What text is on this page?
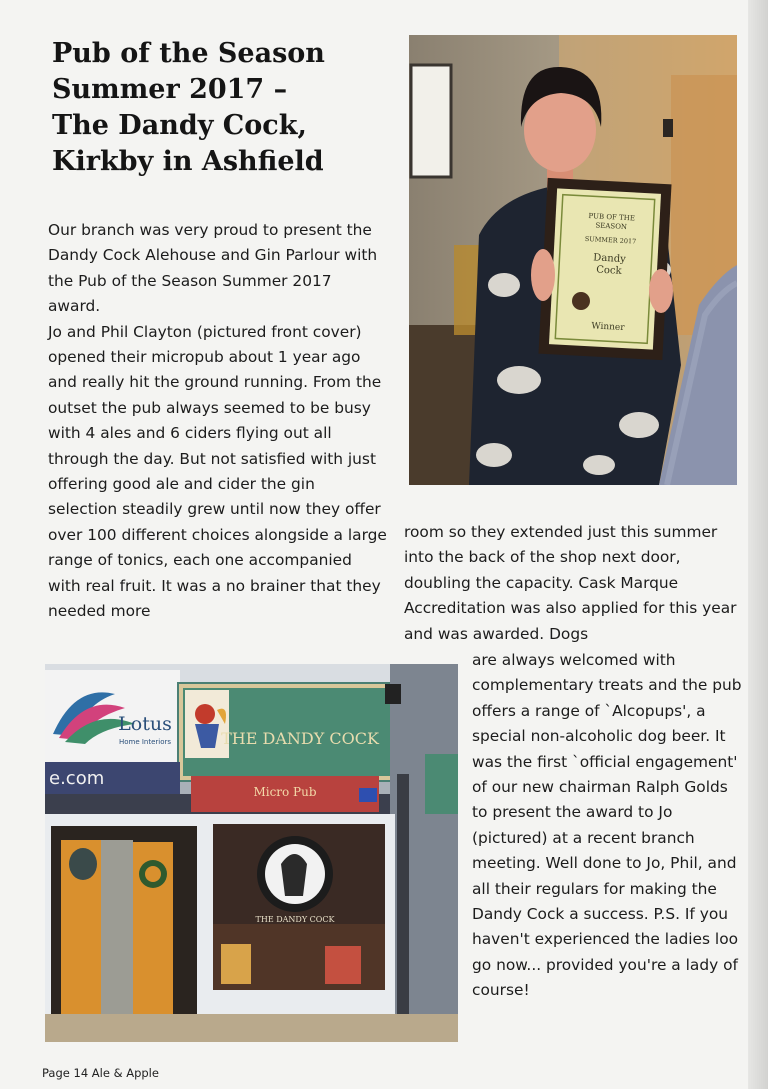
Pub of the Season
Summer 2017 –
The Dandy Cock,
Kirkby in Ashfield

Our branch was very proud to present the Dandy Cock Alehouse and Gin Parlour with the Pub of the Season Summer 2017 award.

Jo and Phil Clayton (pictured front cover) opened their micropub about 1 year ago and really hit the ground running. From the outset the pub always seemed to be busy with 4 ales and 6 ciders flying out all through the day. But not satisfied with just offering good ale and cider the gin selection steadily grew until now they offer over 100 different choices alongside a large range of tonics, each one accompanied with real fruit. It was a no brainer that they needed more

room so they extended just this summer into the back of the shop next door, doubling the capacity. Cask Marque Accreditation was also applied for this year and was awarded. Dogs

are always welcomed with complementary treats and the pub offers a range of `Alcopups', a special non-alcoholic dog beer. It was the first `official engagement' of our new chairman Ralph Golds to present the award to Jo (pictured) at a recent branch meeting. Well done to Jo, Phil, and all their regulars for making the Dandy Cock a success. P.S. If you haven't experienced the ladies loo go now... provided you're a lady of course!

PUB OF THE
SEASON
SUMMER 2017
Dandy
Cock
Winner
Lotus
Home Interiors	THE DANDY COCK
e.com
Micro Pub
THE DANDY COCK
Page 14 Ale & Apple
